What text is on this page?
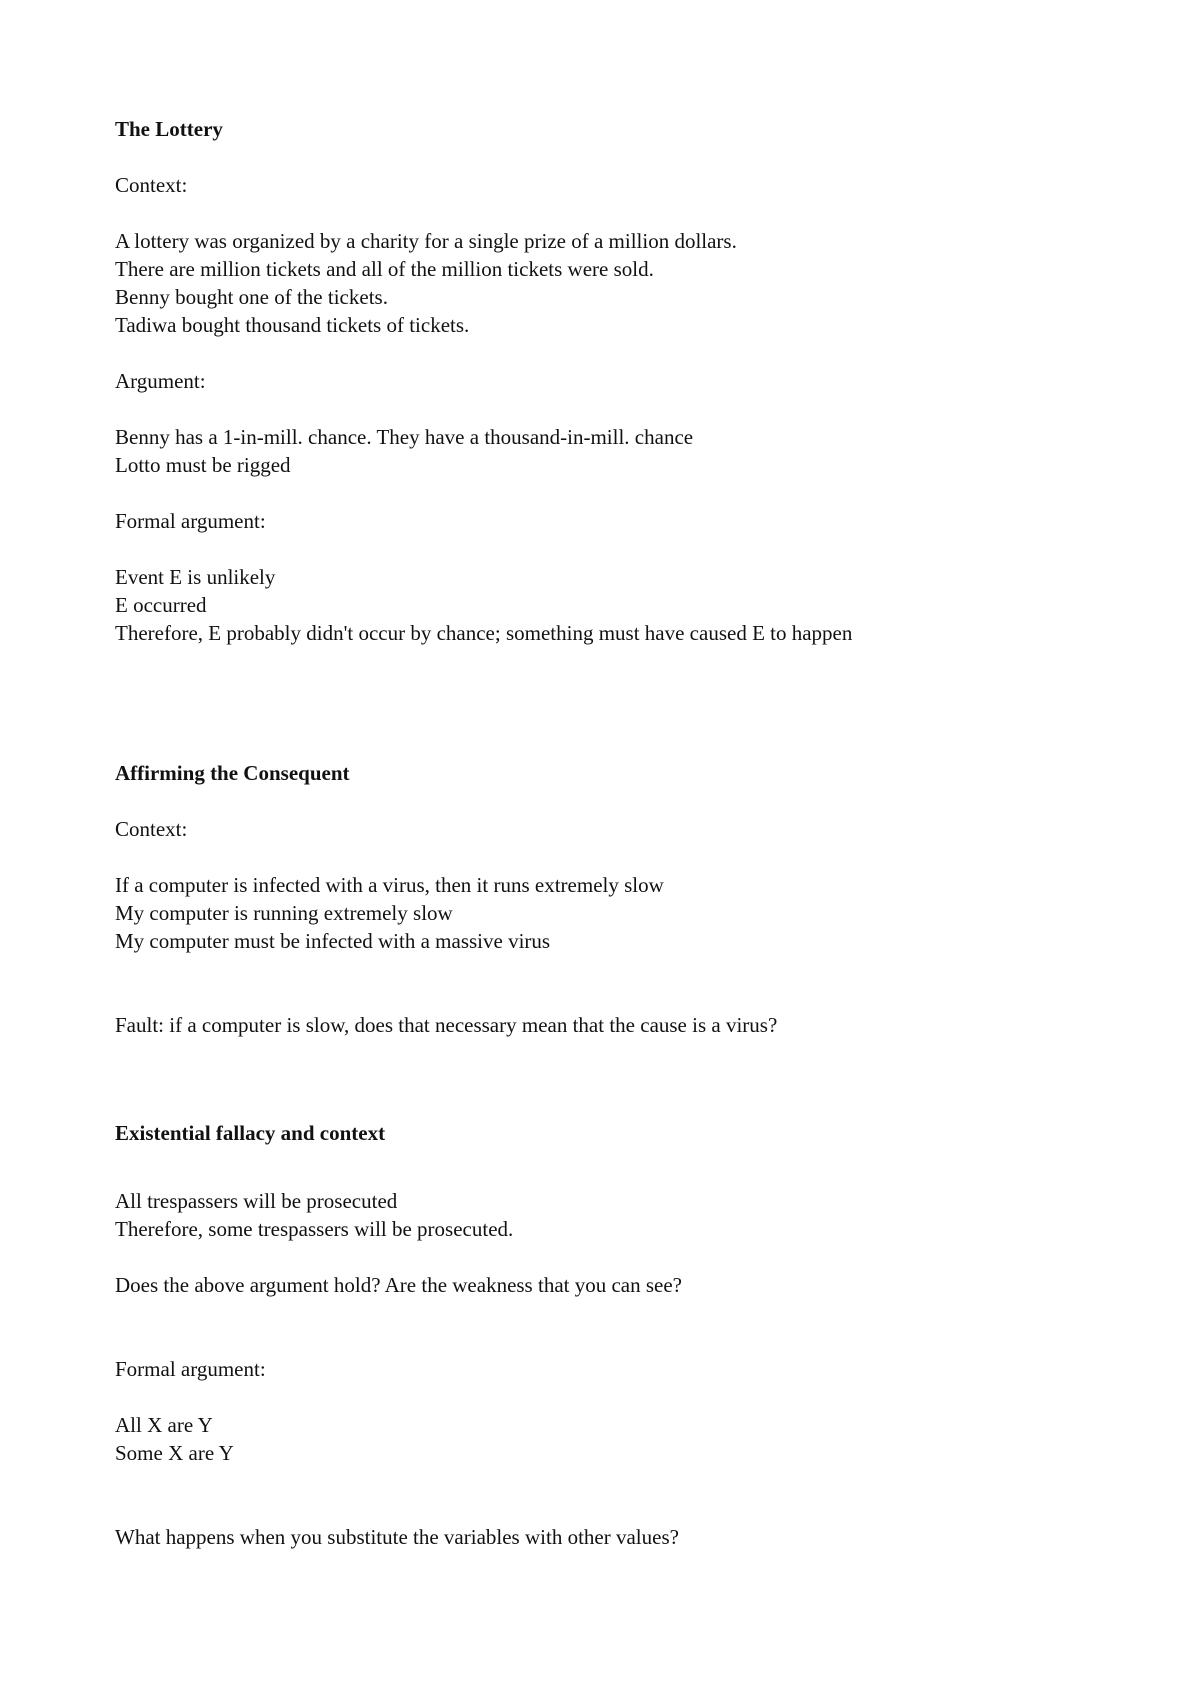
The Lottery

Context:

A lottery was organized by a charity for a single prize of a million dollars.

There are million tickets and all of the million tickets were sold.

Benny bought one of the tickets.

Tadiwa bought thousand tickets of tickets.

Argument:

Benny has a 1-in-mill. chance. They have a thousand-in-mill. chance

Lotto must be rigged

Formal argument:

Event E is unlikely

E occurred

Therefore, E probably didn't occur by chance; something must have caused E to happen

Affirming the Consequent

Context:

If a computer is infected with a virus, then it runs extremely slow

My computer is running extremely slow

My computer must be infected with a massive virus

Fault: if a computer is slow, does that necessary mean that the cause is a virus?

Existential fallacy and context

All trespassers will be prosecuted

Therefore, some trespassers will be prosecuted.

Does the above argument hold? Are the weakness that you can see?

Formal argument:

All X are Y

Some X are Y

What happens when you substitute the variables with other values?
